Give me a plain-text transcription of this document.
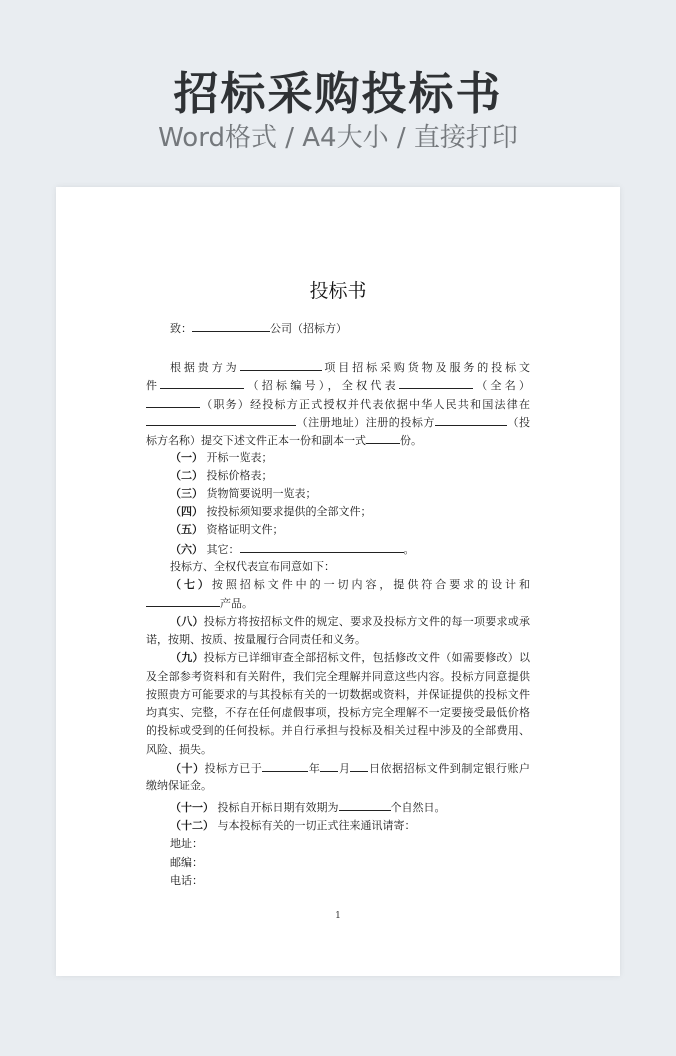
招标采购投标书
Word格式 / A4大小 / 直接打印
投标书
致：	公司（招标方）
根据贵方为	项目招标采购货物及服务的投标文
件	（招标编号），全权代表	（全名）
（职务）经投标方正式授权并代表依据中华人民共和国法律在
（注册地址）注册的投标方	（投
标方名称）提交下述文件正本一份和副本一式	份。
（一） 开标一览表；
（二） 投标价格表；
（三） 货物简要说明一览表；
（四） 按投标须知要求提供的全部文件；
（五） 资格证明文件；
（六） 其它：	。
投标方、全权代表宣布同意如下：
（七）按照招标文件中的一切内容，提供符合要求的设计和
产品。
（八）投标方将按招标文件的规定、要求及投标方文件的每一项要求或承
诺，按期、按质、按量履行合同责任和义务。
（九）投标方已详细审查全部招标文件，包括修改文件（如需要修改）以
及全部参考资料和有关附件，我们完全理解并同意这些内容。投标方同意提供
按照贵方可能要求的与其投标有关的一切数据或资料，并保证提供的投标文件
均真实、完整，不存在任何虚假事项，投标方完全理解不一定要接受最低价格
的投标或受到的任何投标。并自行承担与投标及相关过程中涉及的全部费用、
风险、损失。
（十）投标方已于	年 月 日依据招标文件到制定银行账户
缴纳保证金。
（十一） 投标自开标日期有效期为	个自然日。
（十二） 与本投标有关的一切正式往来通讯请寄：
地址：
邮编：
电话：
1
